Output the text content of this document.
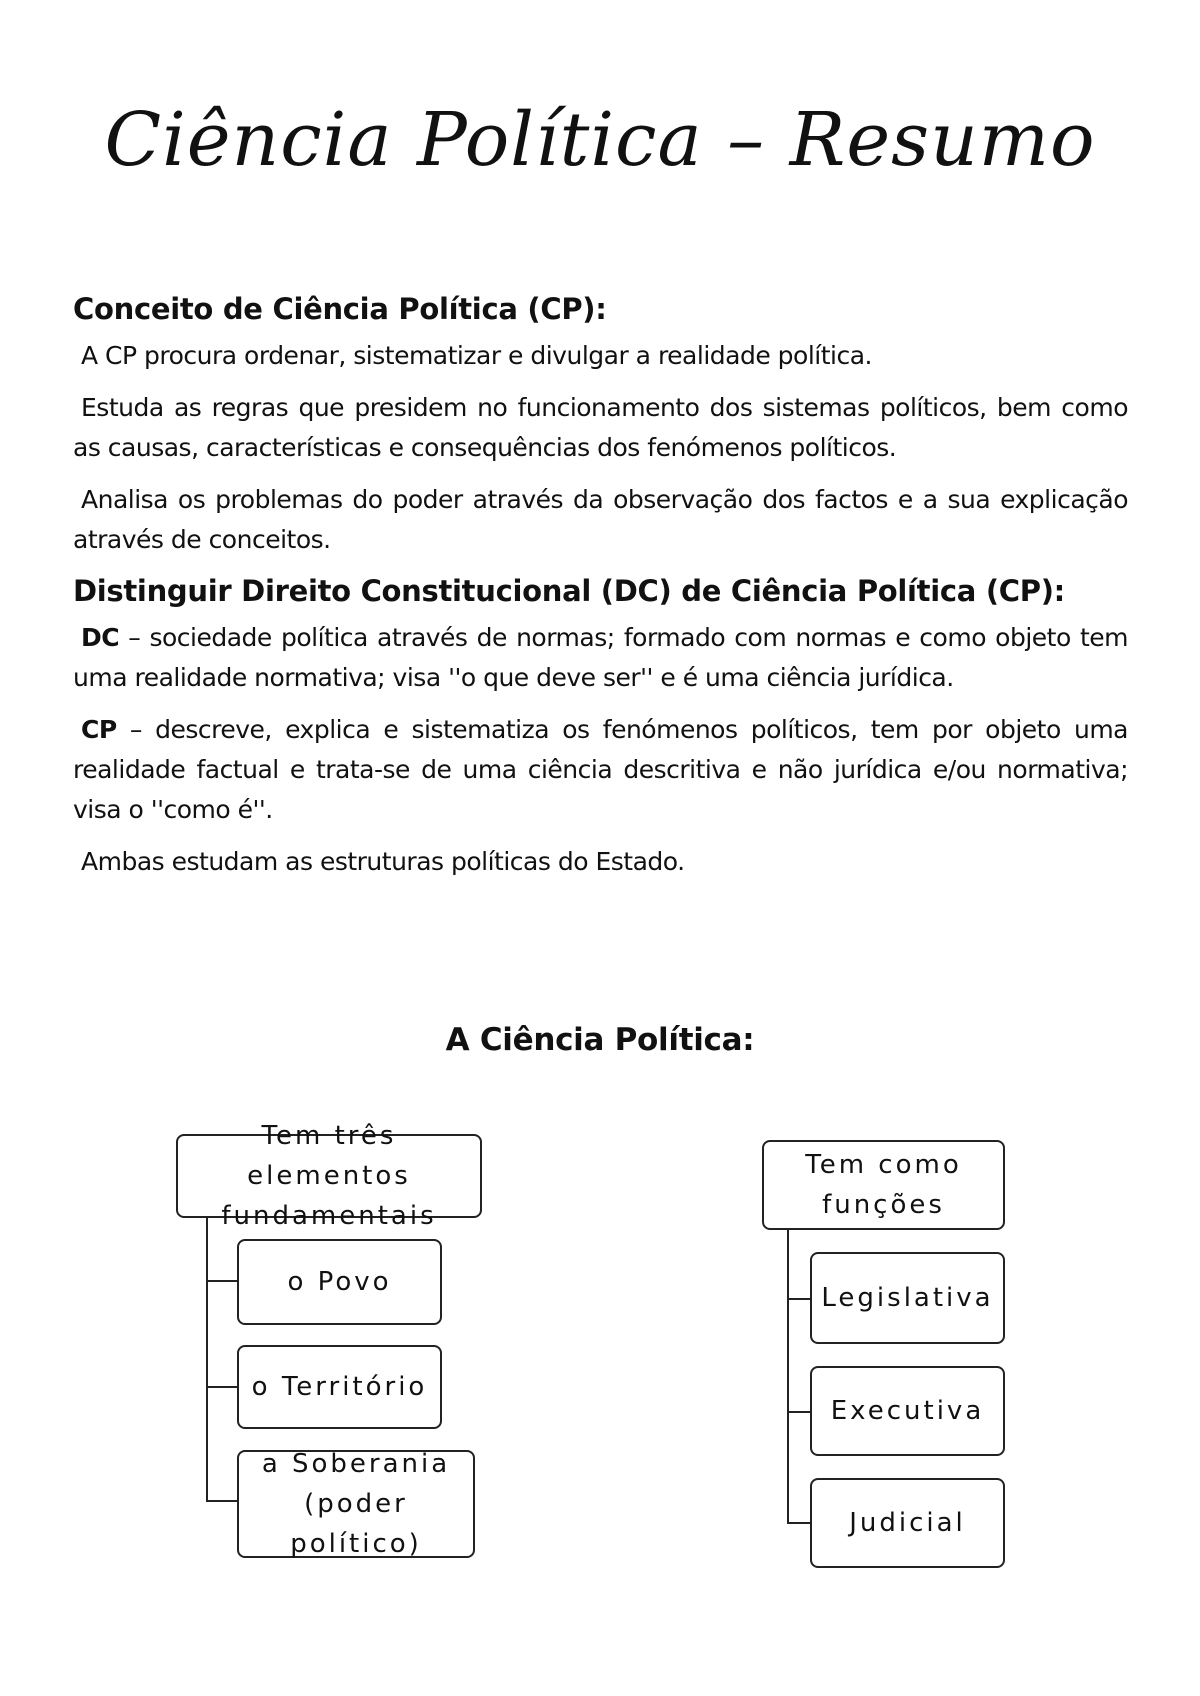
Ciência Política – Resumo
Conceito de Ciência Política (CP):
A CP procura ordenar, sistematizar e divulgar a realidade política.
Estuda as regras que presidem no funcionamento dos sistemas políticos, bem como as causas, características e consequências dos fenómenos políticos.
Analisa os problemas do poder através da observação dos factos e a sua explicação através de conceitos.
Distinguir Direito Constitucional (DC) de Ciência Política (CP):
DC – sociedade política através de normas; formado com normas e como objeto tem uma realidade normativa; visa ''o que deve ser'' e é uma ciência jurídica.
CP – descreve, explica e sistematiza os fenómenos políticos, tem por objeto uma realidade factual e trata-se de uma ciência descritiva e não jurídica e/ou normativa; visa o ''como é''.
Ambas estudam as estruturas políticas do Estado.
A Ciência Política:
Tem três elementos fundamentais
o Povo
o Território
a Soberania (poder político)
Tem como funções
Legislativa
Executiva
Judicial
